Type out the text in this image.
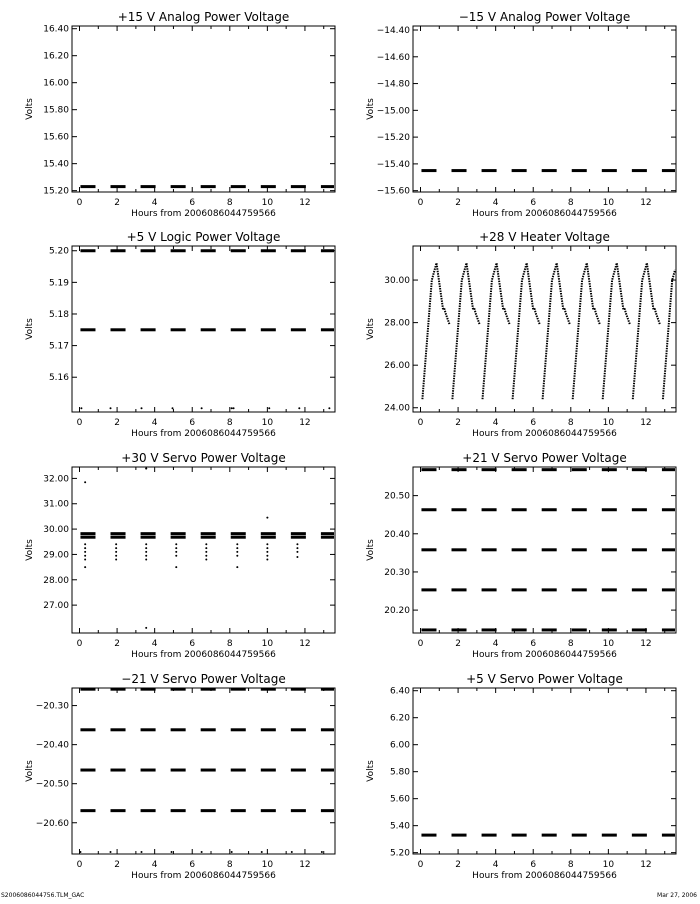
+15 V Analog Power Voltage
0	2	4	6	8	10	12
15.20
15.40
15.60
15.80
16.00
16.20
16.40
Hours from 2006086044759566
Volts
−15 V Analog Power Voltage
0	2	4	6	8	10	12
−15.60
−15.40
−15.20
−15.00
−14.80
−14.60
−14.40
Hours from 2006086044759566
Volts
+5 V Logic Power Voltage
0	2	4	6	8	10	12
5.16
5.17
5.18
5.19
5.20
Hours from 2006086044759566
Volts
+28 V Heater Voltage
0	2	4	6	8	10	12
24.00
26.00
28.00
30.00
Hours from 2006086044759566
Volts
+30 V Servo Power Voltage
0	2	4	6	8	10	12
27.00
28.00
29.00
30.00
31.00
32.00
Hours from 2006086044759566
Volts
+21 V Servo Power Voltage
0	2	4	6	8	10	12
20.20
20.30
20.40
20.50
Hours from 2006086044759566
Volts
−21 V Servo Power Voltage
0	2	4	6	8	10	12
−20.60
−20.50
−20.40
−20.30
Hours from 2006086044759566
Volts
+5 V Servo Power Voltage
0	2	4	6	8	10	12
5.20
5.40
5.60
5.80
6.00
6.20
6.40
Hours from 2006086044759566
Volts
S2006086044756.TLM_GAC	Mar 27, 2006
